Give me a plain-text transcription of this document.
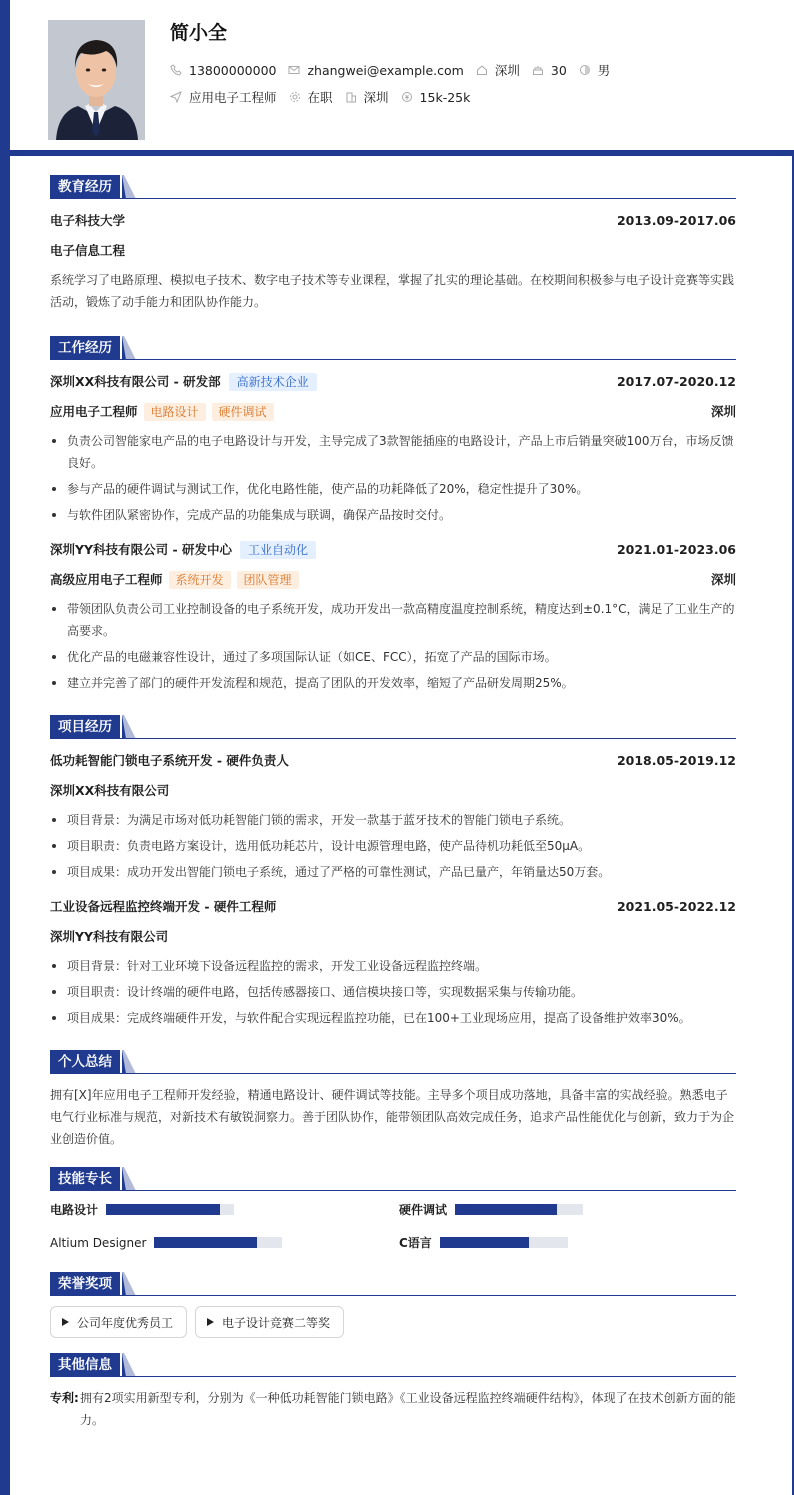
简小全
13800000000 zhangwei@example.com 深圳 30 男
应用电子工程师 在职 深圳 15k-25k
教育经历
电子科技大学	2013.09-2017.06
电子信息工程
系统学习了电路原理、模拟电子技术、数字电子技术等专业课程，掌握了扎实的理论基础。在校期间积极参与电子设计竞赛等实践活动，锻炼了动手能力和团队协作能力。
工作经历
深圳XX科技有限公司 - 研发部 高新技术企业	2017.07-2020.12
应用电子工程师 电路设计 硬件调试	深圳
负责公司智能家电产品的电子电路设计与开发，主导完成了3款智能插座的电路设计，产品上市后销量突破100万台，市场反馈良好。
参与产品的硬件调试与测试工作，优化电路性能，使产品的功耗降低了20%，稳定性提升了30%。
与软件团队紧密协作，完成产品的功能集成与联调，确保产品按时交付。
深圳YY科技有限公司 - 研发中心 工业自动化	2021.01-2023.06
高级应用电子工程师 系统开发 团队管理	深圳
带领团队负责公司工业控制设备的电子系统开发，成功开发出一款高精度温度控制系统，精度达到±0.1°C，满足了工业生产的高要求。
优化产品的电磁兼容性设计，通过了多项国际认证（如CE、FCC），拓宽了产品的国际市场。
建立并完善了部门的硬件开发流程和规范，提高了团队的开发效率，缩短了产品研发周期25%。
项目经历
低功耗智能门锁电子系统开发 - 硬件负责人	2018.05-2019.12
深圳XX科技有限公司
项目背景：为满足市场对低功耗智能门锁的需求，开发一款基于蓝牙技术的智能门锁电子系统。
项目职责：负责电路方案设计，选用低功耗芯片，设计电源管理电路，使产品待机功耗低至50μA。
项目成果：成功开发出智能门锁电子系统，通过了严格的可靠性测试，产品已量产，年销量达50万套。
工业设备远程监控终端开发 - 硬件工程师	2021.05-2022.12
深圳YY科技有限公司
项目背景：针对工业环境下设备远程监控的需求，开发工业设备远程监控终端。
项目职责：设计终端的硬件电路，包括传感器接口、通信模块接口等，实现数据采集与传输功能。
项目成果：完成终端硬件开发，与软件配合实现远程监控功能，已在100+工业现场应用，提高了设备维护效率30%。
个人总结
拥有[X]年应用电子工程师开发经验，精通电路设计、硬件调试等技能。主导多个项目成功落地，具备丰富的实战经验。熟悉电子电气行业标准与规范，对新技术有敏锐洞察力。善于团队协作，能带领团队高效完成任务，追求产品性能优化与创新，致力于为企业创造价值。
技能专长
电路设计	硬件调试
Altium Designer	C语言
荣誉奖项
公司年度优秀员工	电子设计竞赛二等奖
其他信息
专利: 拥有2项实用新型专利，分别为《一种低功耗智能门锁电路》《工业设备远程监控终端硬件结构》，体现了在技术创新方面的能力。
